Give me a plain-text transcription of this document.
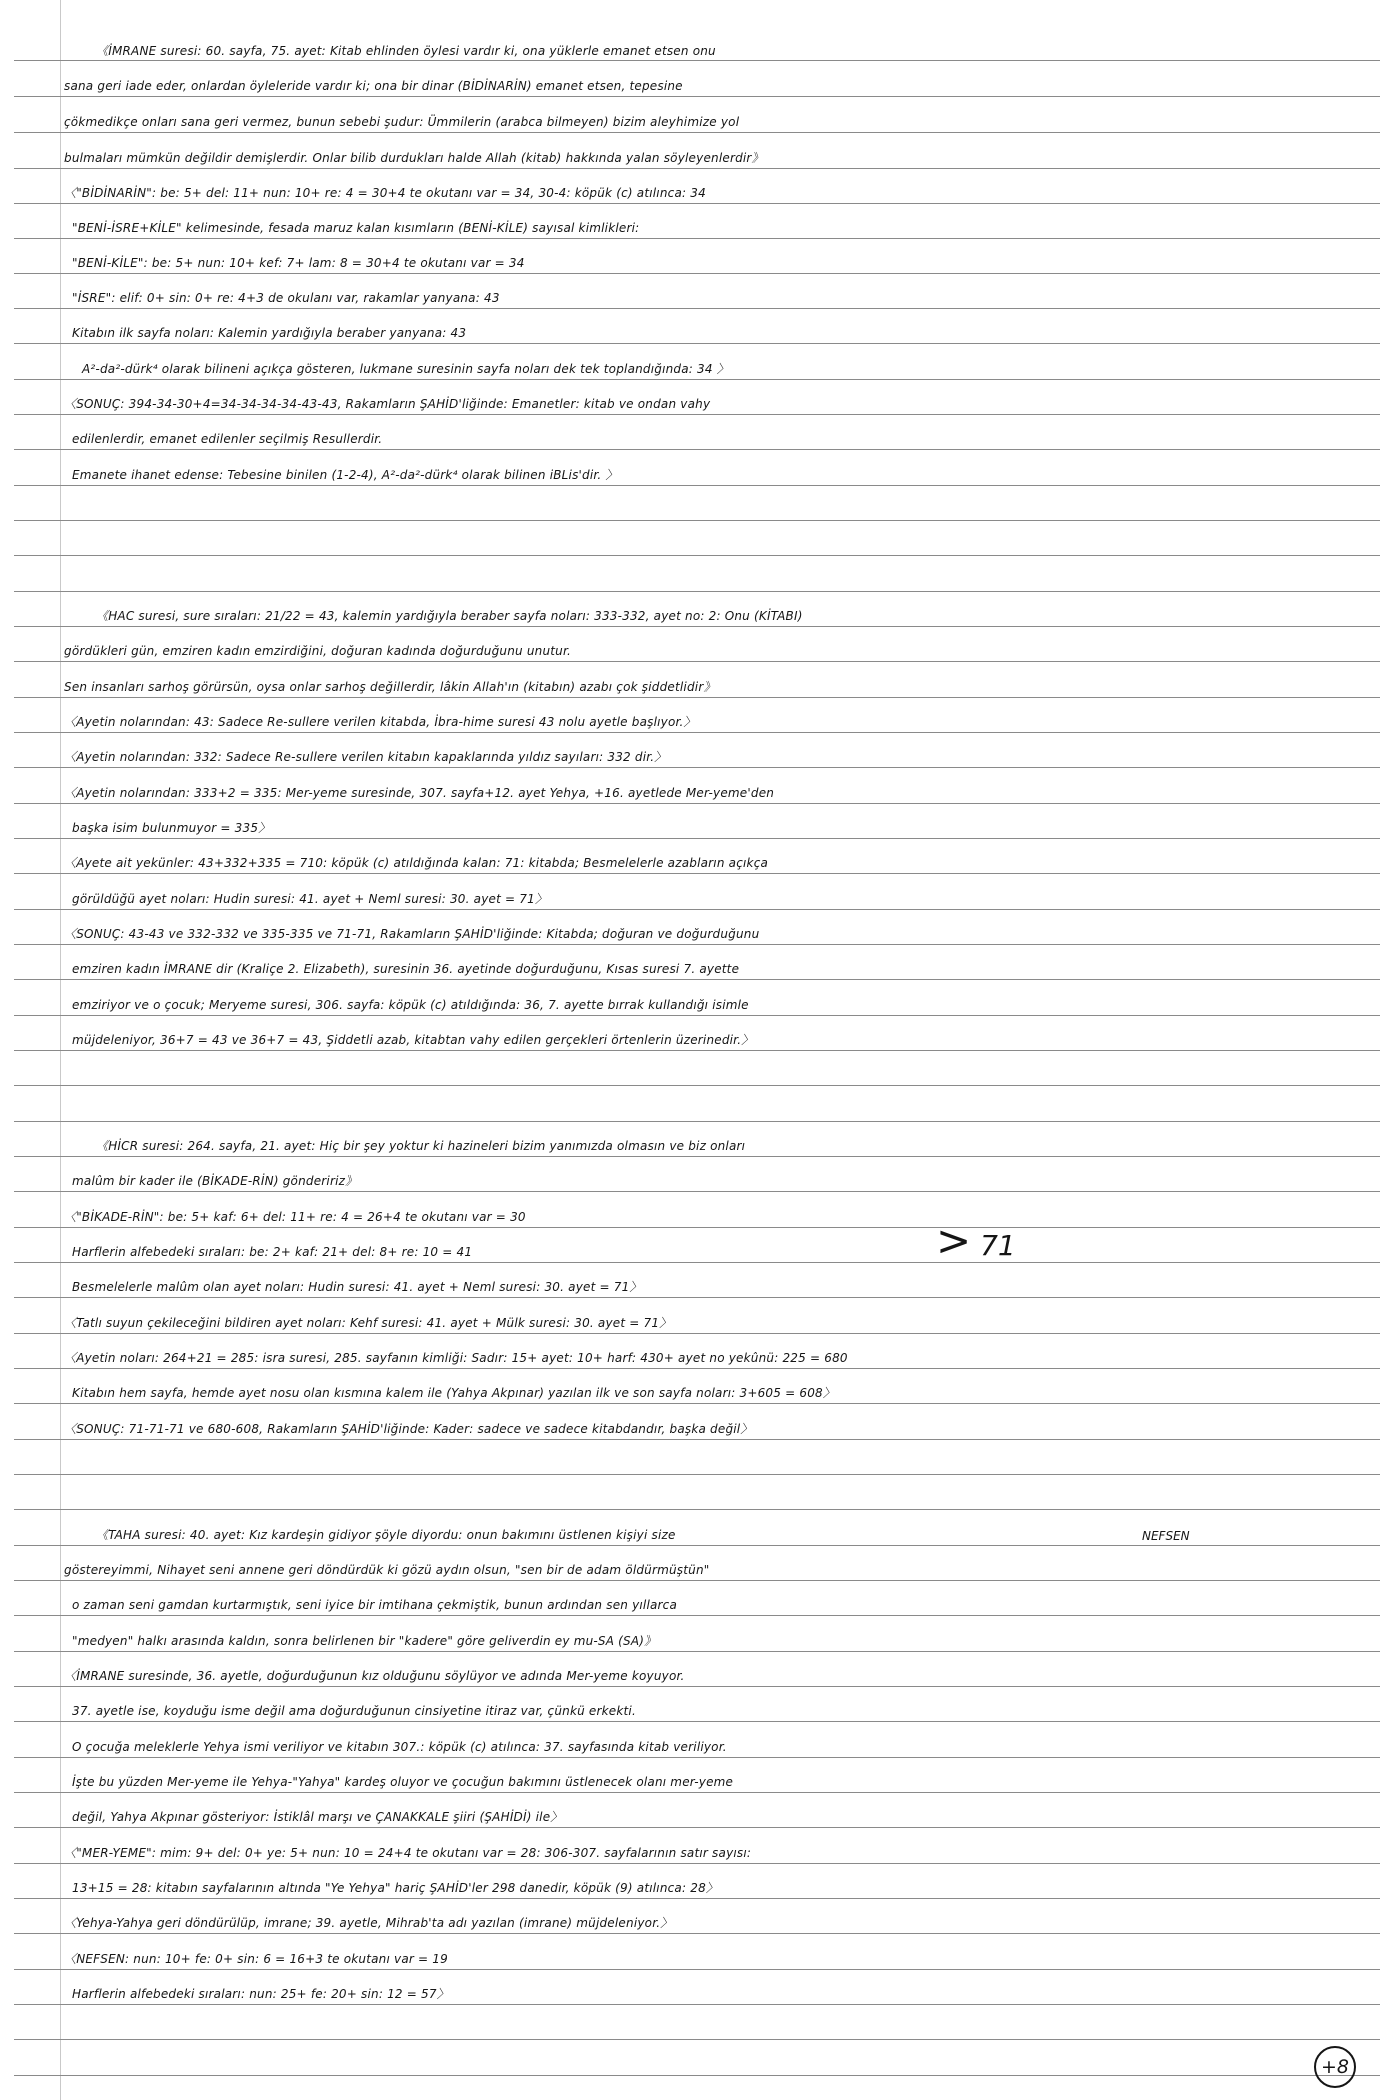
《İMRANE suresi: 60. sayfa, 75. ayet: Kitab ehlinden öylesi vardır ki, ona yüklerle emanet etsen onu
sana geri iade eder, onlardan öyleleride vardır ki; ona bir dinar (BİDİNARİN) emanet etsen, tepesine
çökmedikçe onları sana geri vermez, bunun sebebi şudur: Ümmilerin (arabca bilmeyen) bizim aleyhimize yol
bulmaları mümkün değildir demişlerdir. Onlar bilib durdukları halde Allah (kitab) hakkında yalan söyleyenlerdir》
〈"BİDİNARİN": be: 5+ del: 11+ nun: 10+ re: 4 = 30+4 te okutanı var = 34, 30-4: köpük (c) atılınca: 34
"BENİ-İSRE+KİLE" kelimesinde, fesada maruz kalan kısımların (BENİ-KİLE) sayısal kimlikleri:
"BENİ-KİLE": be: 5+ nun: 10+ kef: 7+ lam: 8 = 30+4 te okutanı var = 34
"İSRE": elif: 0+ sin: 0+ re: 4+3 de okulanı var, rakamlar yanyana: 43
Kitabın ilk sayfa noları: Kalemin yardığıyla beraber yanyana: 43
A²-da²-dürk⁴ olarak bilineni açıkça gösteren, lukmane suresinin sayfa noları dek tek toplandığında: 34 〉
〈SONUÇ: 394-34-30+4=34-34-34-34-43-43, Rakamların ŞAHİD'liğinde: Emanetler: kitab ve ondan vahy
edilenlerdir, emanet edilenler seçilmiş Resullerdir.
Emanete ihanet edense: Tebesine binilen (1-2-4), A²-da²-dürk⁴ olarak bilinen iBLis'dir. 〉
《HAC suresi, sure sıraları: 21/22 = 43, kalemin yardığıyla beraber sayfa noları: 333-332, ayet no: 2: Onu (KİTABI)
gördükleri gün, emziren kadın emzirdiğini, doğuran kadında doğurduğunu unutur.
Sen insanları sarhoş görürsün, oysa onlar sarhoş değillerdir, lâkin Allah'ın (kitabın) azabı çok şiddetlidir》
〈Ayetin nolarından: 43: Sadece Re-sullere verilen kitabda, İbra-hime suresi 43 nolu ayetle başlıyor.〉
〈Ayetin nolarından: 332: Sadece Re-sullere verilen kitabın kapaklarında yıldız sayıları: 332 dir.〉
〈Ayetin nolarından: 333+2 = 335: Mer-yeme suresinde, 307. sayfa+12. ayet Yehya, +16. ayetlede Mer-yeme'den
başka isim bulunmuyor = 335〉
〈Ayete ait yekünler: 43+332+335 = 710: köpük (c) atıldığında kalan: 71: kitabda; Besmelelerle azabların açıkça
görüldüğü ayet noları: Hudin suresi: 41. ayet + Neml suresi: 30. ayet = 71〉
〈SONUÇ: 43-43 ve 332-332 ve 335-335 ve 71-71, Rakamların ŞAHİD'liğinde: Kitabda; doğuran ve doğurduğunu
emziren kadın İMRANE dir (Kraliçe 2. Elizabeth), suresinin 36. ayetinde doğurduğunu, Kısas suresi 7. ayette
emziriyor ve o çocuk; Meryeme suresi, 306. sayfa: köpük (c) atıldığında: 36, 7. ayette bırrak kullandığı isimle
müjdeleniyor, 36+7 = 43 ve 36+7 = 43, Şiddetli azab, kitabtan vahy edilen gerçekleri örtenlerin üzerinedir.〉
《HİCR suresi: 264. sayfa, 21. ayet: Hiç bir şey yoktur ki hazineleri bizim yanımızda olmasın ve biz onları
malûm bir kader ile (BİKADE-RİN) göndeririz》
〈"BİKADE-RİN": be: 5+ kaf: 6+ del: 11+ re: 4 = 26+4 te okutanı var = 30
Harflerin alfebedeki sıraları: be: 2+ kaf: 21+ del: 8+ re: 10 = 41
Besmelelerle malûm olan ayet noları: Hudin suresi: 41. ayet + Neml suresi: 30. ayet = 71〉
〈Tatlı suyun çekileceğini bildiren ayet noları: Kehf suresi: 41. ayet + Mülk suresi: 30. ayet = 71〉
〈Ayetin noları: 264+21 = 285: isra suresi, 285. sayfanın kimliği: Sadır: 15+ ayet: 10+ harf: 430+ ayet no yekûnü: 225 = 680
Kitabın hem sayfa, hemde ayet nosu olan kısmına kalem ile (Yahya Akpınar) yazılan ilk ve son sayfa noları: 3+605 = 608〉
〈SONUÇ: 71-71-71 ve 680-608, Rakamların ŞAHİD'liğinde: Kader: sadece ve sadece kitabdandır, başka değil〉
> 71
NEFSEN
《TAHA suresi: 40. ayet: Kız kardeşin gidiyor şöyle diyordu: onun bakımını üstlenen kişiyi size
göstereyimmi, Nihayet seni annene geri döndürdük ki gözü aydın olsun, "sen bir de adam öldürmüştün"
o zaman seni gamdan kurtarmıştık, seni iyice bir imtihana çekmiştik, bunun ardından sen yıllarca
"medyen" halkı arasında kaldın, sonra belirlenen bir "kadere" göre geliverdin ey mu-SA (SA)》
〈İMRANE suresinde, 36. ayetle, doğurduğunun kız olduğunu söylüyor ve adında Mer-yeme koyuyor.
37. ayetle ise, koyduğu isme değil ama doğurduğunun cinsiyetine itiraz var, çünkü erkekti.
O çocuğa meleklerle Yehya ismi veriliyor ve kitabın 307.: köpük (c) atılınca: 37. sayfasında kitab veriliyor.
İşte bu yüzden Mer-yeme ile Yehya-"Yahya" kardeş oluyor ve çocuğun bakımını üstlenecek olanı mer-yeme
değil, Yahya Akpınar gösteriyor: İstiklâl marşı ve ÇANAKKALE şiiri (ŞAHİDİ) ile〉
〈"MER-YEME": mim: 9+ del: 0+ ye: 5+ nun: 10 = 24+4 te okutanı var = 28: 306-307. sayfalarının satır sayısı:
13+15 = 28: kitabın sayfalarının altında "Ye Yehya" hariç ŞAHİD'ler 298 danedir, köpük (9) atılınca: 28〉
〈Yehya-Yahya geri döndürülüp, imrane; 39. ayetle, Mihrab'ta adı yazılan (imrane) müjdeleniyor.〉
〈NEFSEN: nun: 10+ fe: 0+ sin: 6 = 16+3 te okutanı var = 19
Harflerin alfebedeki sıraları: nun: 25+ fe: 20+ sin: 12 = 57〉
+8
